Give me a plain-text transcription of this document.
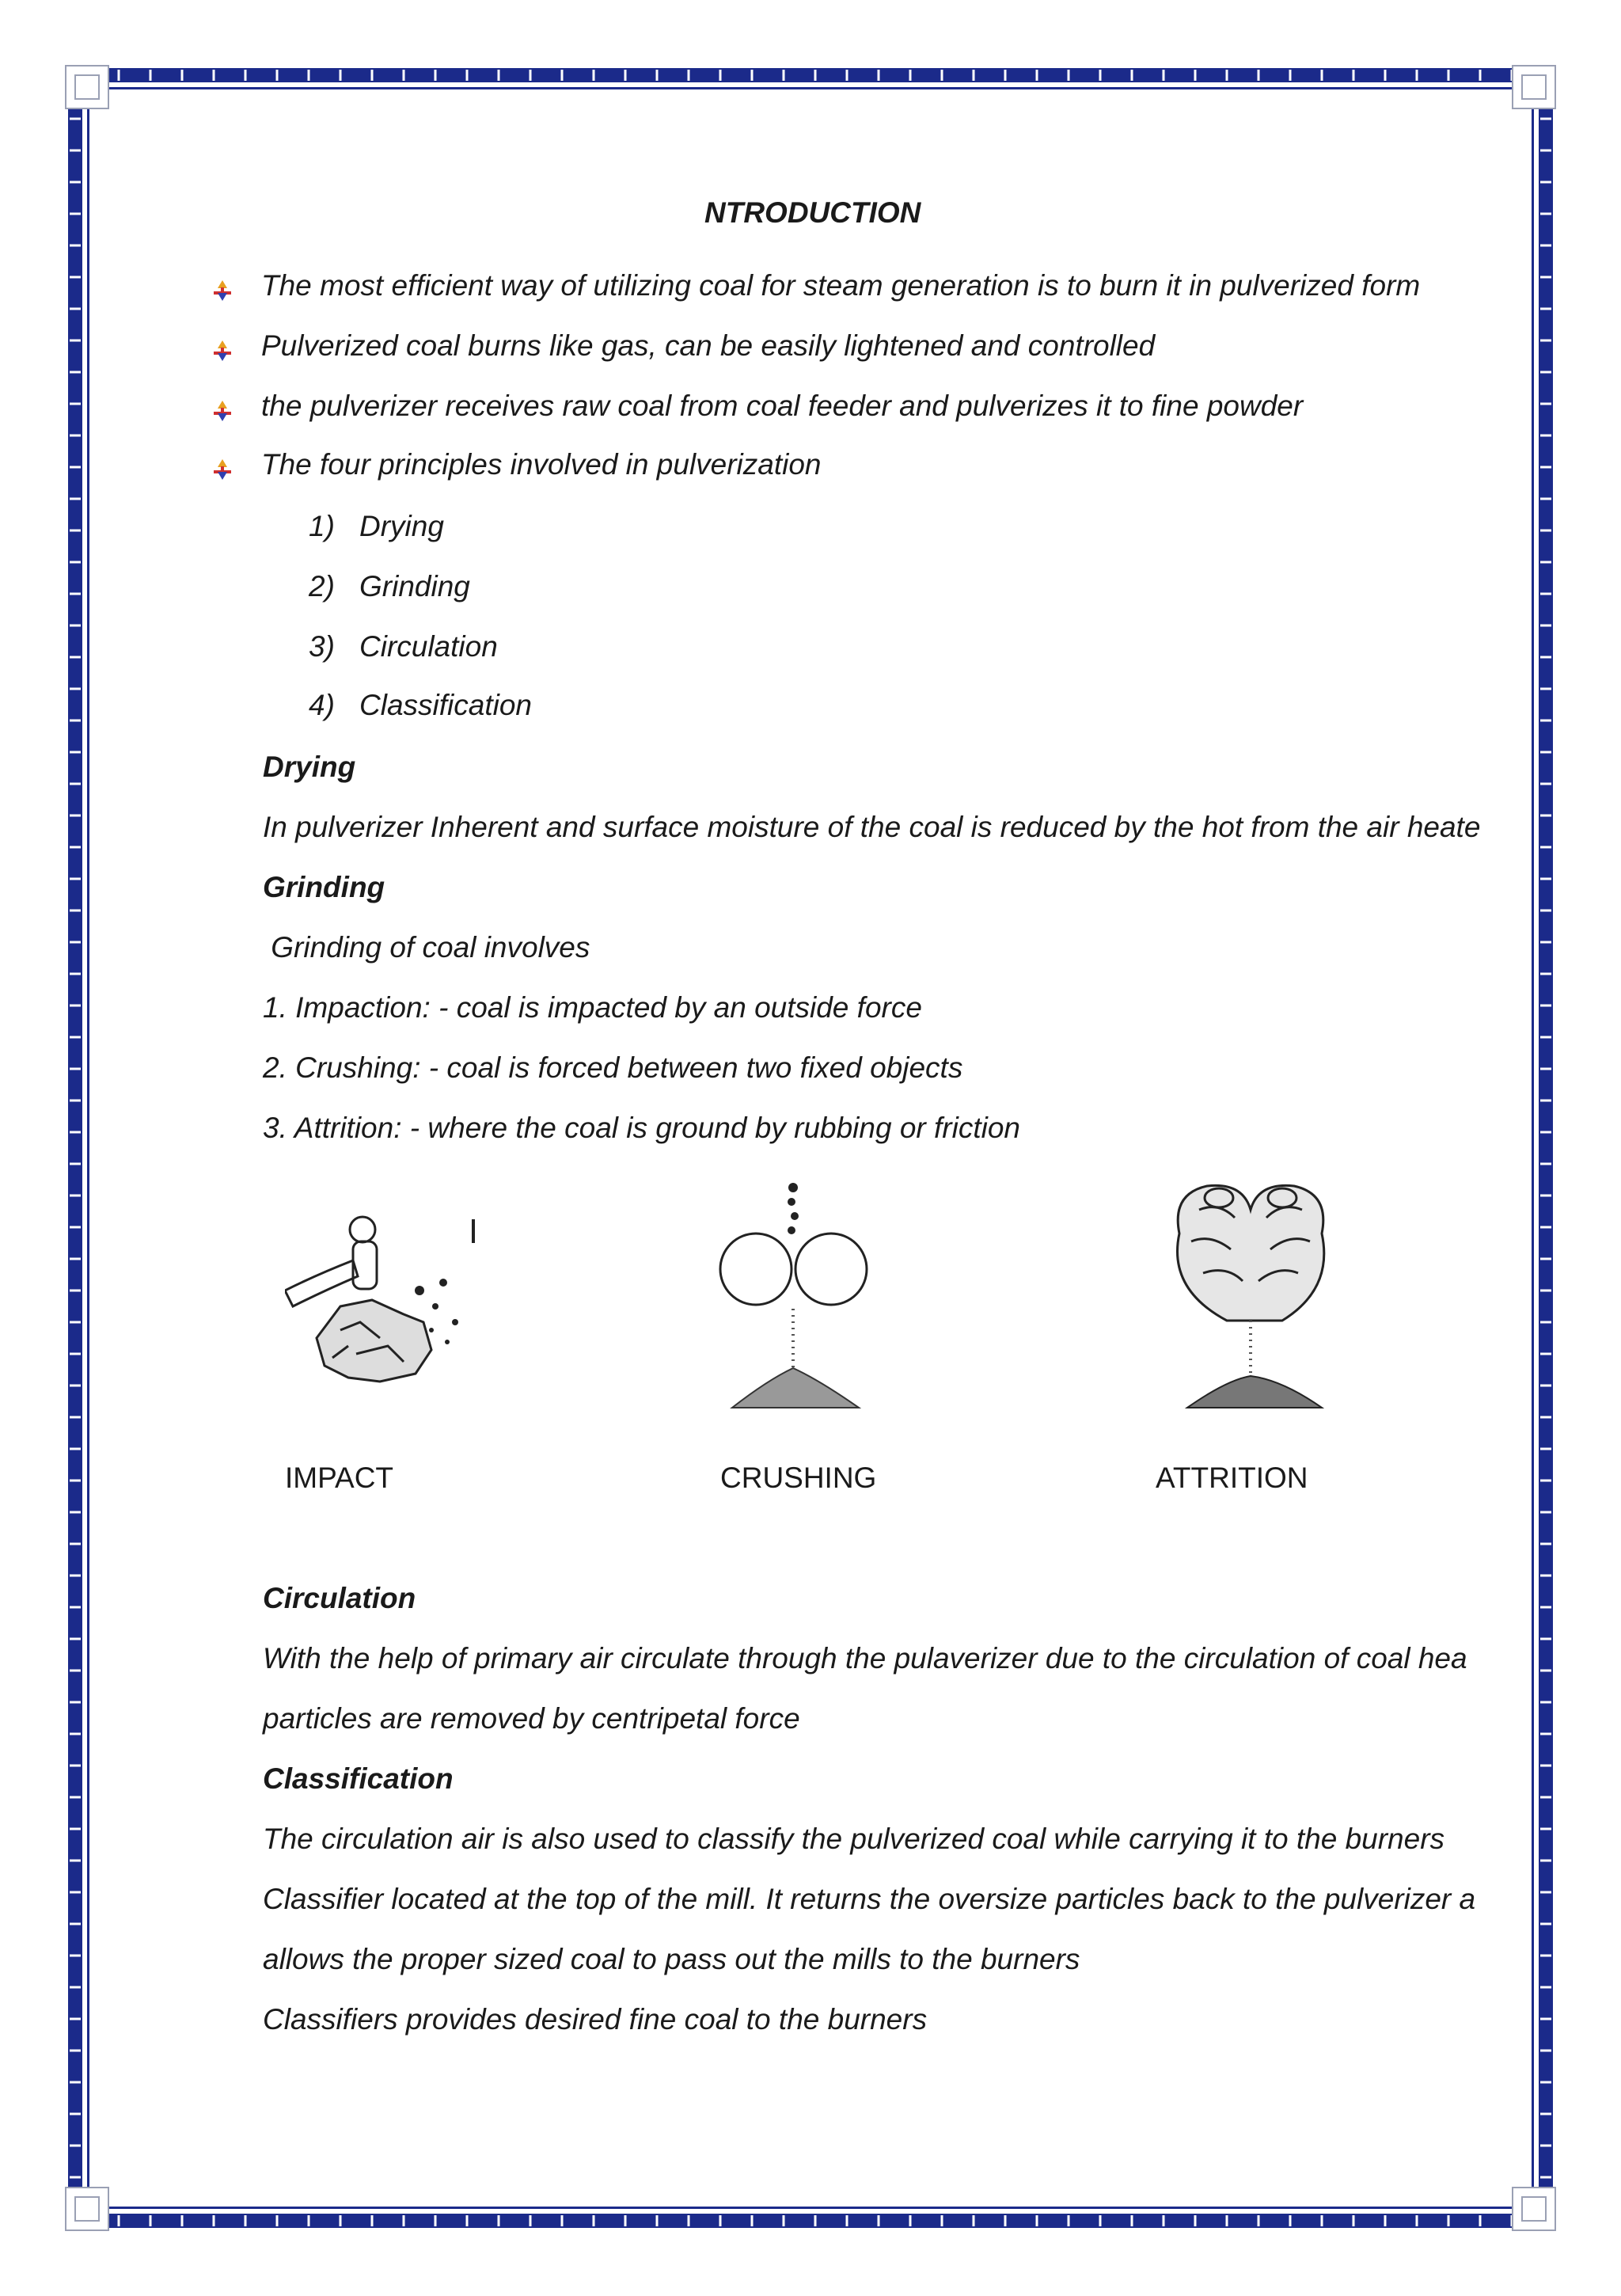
NTRODUCTION
The most efficient way of utilizing coal for steam generation is to burn it in pulverized form
Pulverized coal burns like gas, can be easily lightened and controlled
the pulverizer receives raw coal from coal feeder and pulverizes it to fine powder
The four principles involved in pulverization
1) Drying
2) Grinding
3) Circulation
4) Classification
Drying
In pulverizer Inherent and surface moisture of the coal is reduced by the hot from the air heate
Grinding
Grinding of coal involves
1. Impaction: - coal is impacted by an outside force
2. Crushing: - coal is forced between two fixed objects
3. Attrition: - where the coal is ground by rubbing or friction
IMPACT	CRUSHING	ATTRITION
Circulation
With the help of primary air circulate through the pulaverizer due to the circulation of coal hea
particles are removed by centripetal force
Classification
The circulation air is also used to classify the pulverized coal while carrying it to the burners
Classifier located at the top of the mill. It returns the oversize particles back to the pulverizer a
allows the proper sized coal to pass out the mills to the burners
Classifiers provides desired fine coal to the burners
